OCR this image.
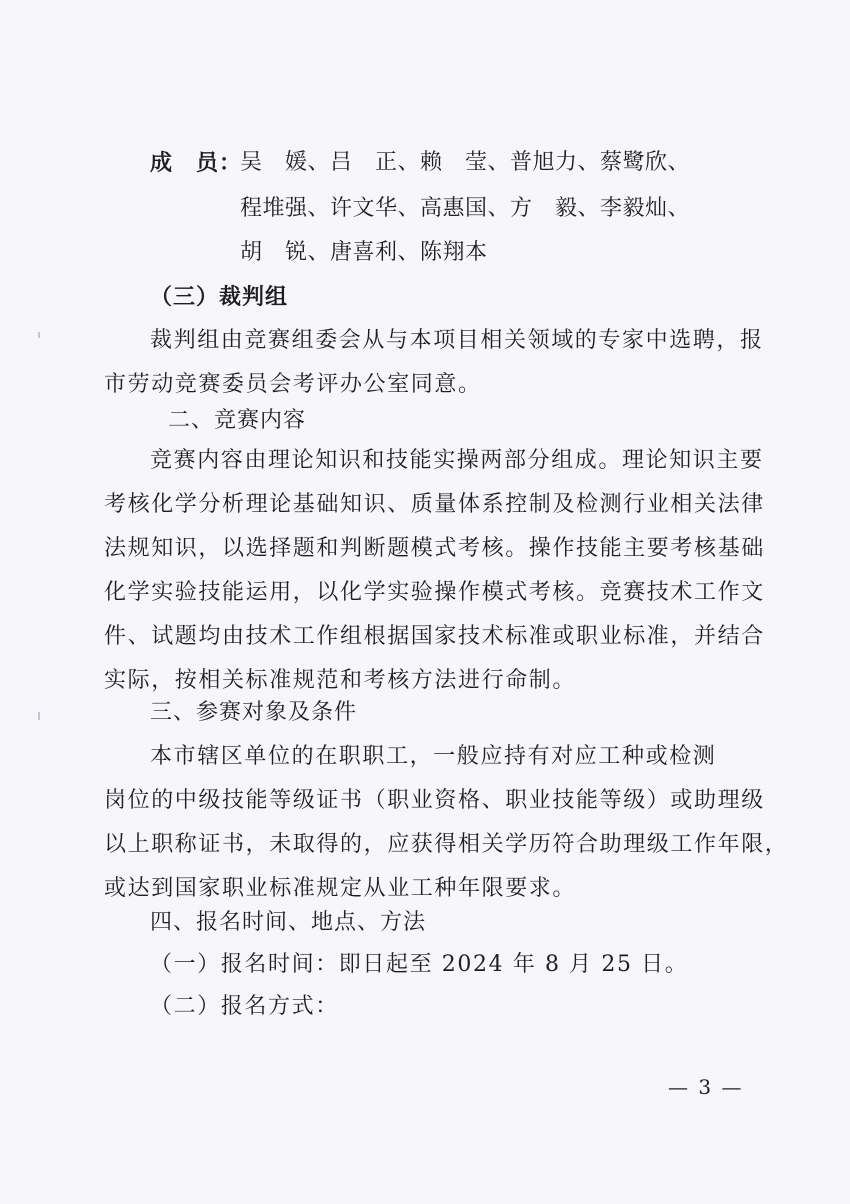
成　员：
吴　媛、吕　正、赖　莹、普旭力、蔡鹭欣、
程堆强、许文华、高惠国、方　毅、李毅灿、
胡　锐、唐喜利、陈翔本
（三）裁判组
裁判组由竞赛组委会从与本项目相关领域的专家中选聘，报
市劳动竞赛委员会考评办公室同意。
二、竞赛内容
竞赛内容由理论知识和技能实操两部分组成。理论知识主要
考核化学分析理论基础知识、质量体系控制及检测行业相关法律
法规知识，以选择题和判断题模式考核。操作技能主要考核基础
化学实验技能运用，以化学实验操作模式考核。竞赛技术工作文
件、试题均由技术工作组根据国家技术标准或职业标准，并结合
实际，按相关标准规范和考核方法进行命制。
三、参赛对象及条件
本市辖区单位的在职职工，一般应持有对应工种或检测
岗位的中级技能等级证书（职业资格、职业技能等级）或助理级
以上职称证书，未取得的，应获得相关学历符合助理级工作年限，
或达到国家职业标准规定从业工种年限要求。
四、报名时间、地点、方法
（一）报名时间：即日起至 2024 年 8 月 25 日。
（二）报名方式：
— 3 —
